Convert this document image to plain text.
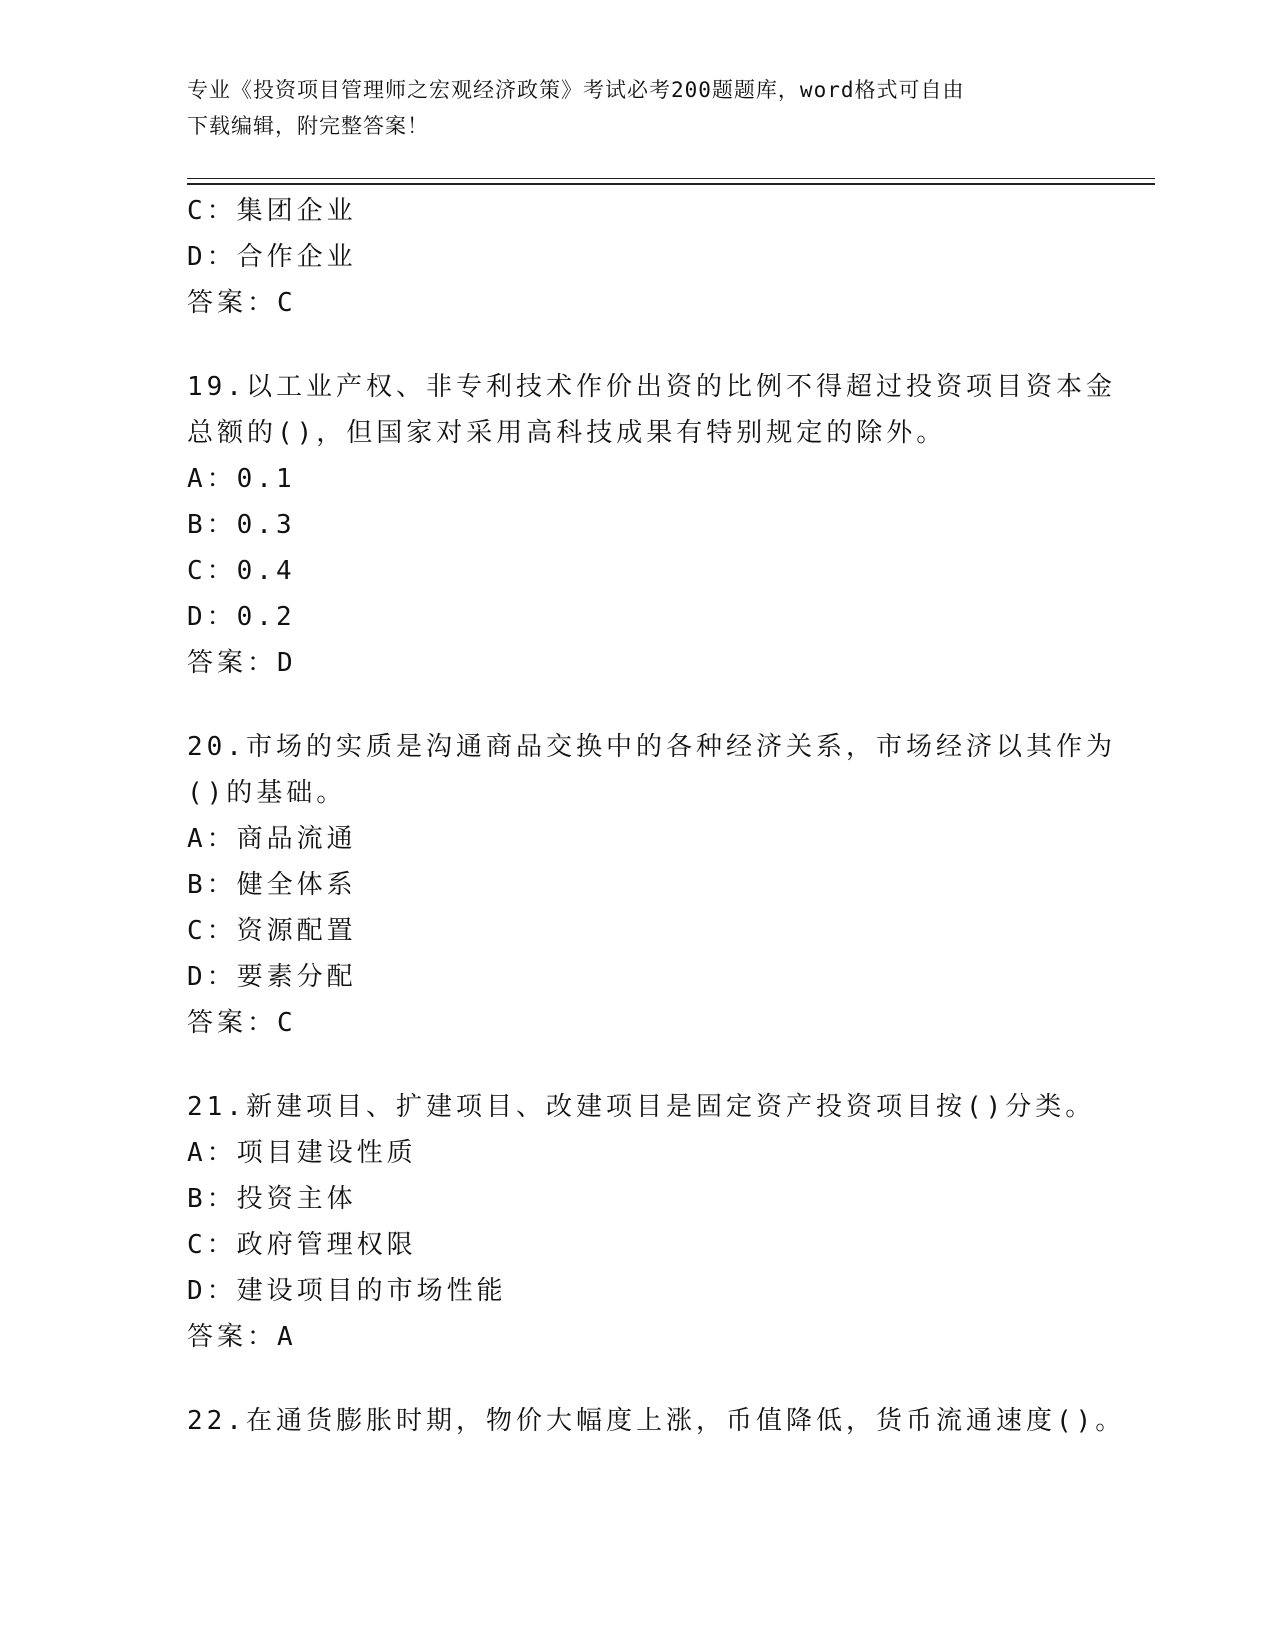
专业《投资项目管理师之宏观经济政策》考试必考200题题库，word格式可自由
下载编辑，附完整答案！
C：集团企业
D：合作企业
答案：C
19.以工业产权、非专利技术作价出资的比例不得超过投资项目资本金
总额的()，但国家对采用高科技成果有特别规定的除外。
A：0.1
B：0.3
C：0.4
D：0.2
答案：D
20.市场的实质是沟通商品交换中的各种经济关系，市场经济以其作为
()的基础。
A：商品流通
B：健全体系
C：资源配置
D：要素分配
答案：C
21.新建项目、扩建项目、改建项目是固定资产投资项目按()分类。
A：项目建设性质
B：投资主体
C：政府管理权限
D：建设项目的市场性能
答案：A
22.在通货膨胀时期，物价大幅度上涨，币值降低，货币流通速度()。
